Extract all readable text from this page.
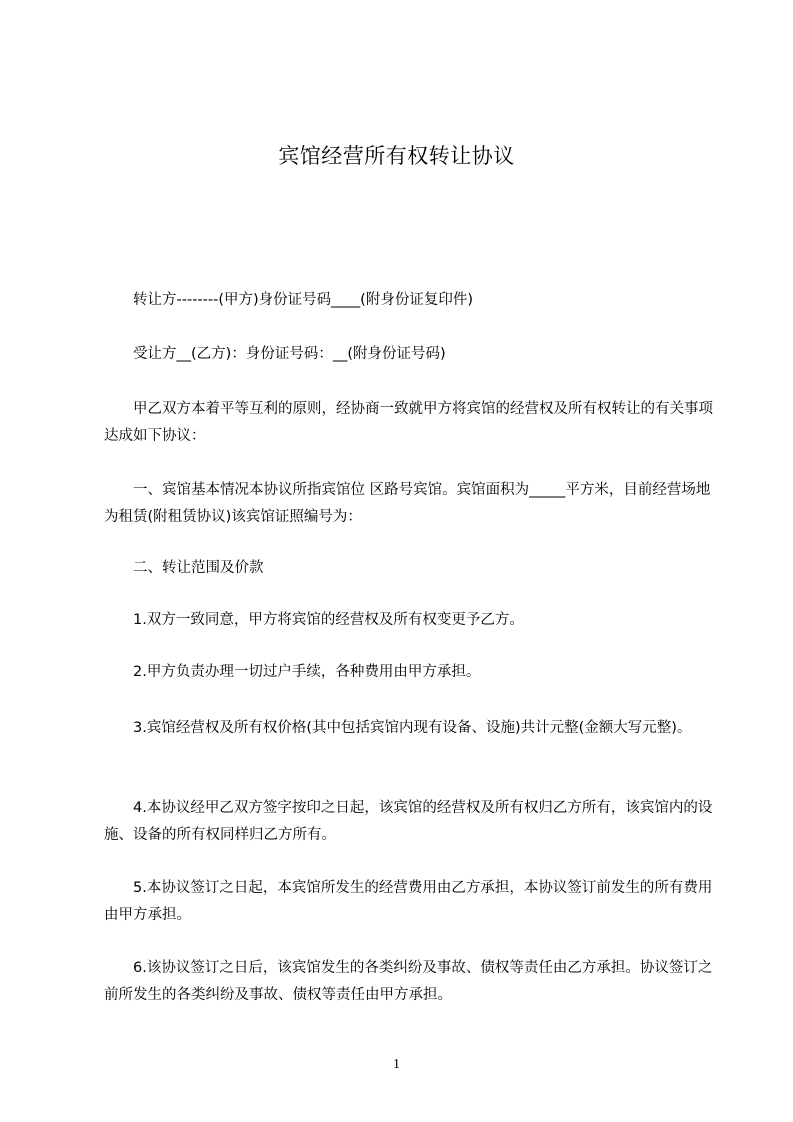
宾馆经营所有权转让协议
　　转让方--------(甲方)身份证号码____(附身份证复印件)
　　受让方__(乙方)：身份证号码：__(附身份证号码)
　　甲乙双方本着平等互利的原则，经协商一致就甲方将宾馆的经营权及所有权转让的有关事项达成如下协议：
　　一、宾馆基本情况本协议所指宾馆位 区路号宾馆。宾馆面积为_____平方米，目前经营场地为租赁(附租赁协议)该宾馆证照编号为：
　　二、转让范围及价款
　　1.双方一致同意，甲方将宾馆的经营权及所有权变更予乙方。
　　2.甲方负责办理一切过户手续，各种费用由甲方承担。
　　3.宾馆经营权及所有权价格(其中包括宾馆内现有设备、设施)共计元整(金额大写元整)。
　　4.本协议经甲乙双方签字按印之日起，该宾馆的经营权及所有权归乙方所有，该宾馆内的设施、设备的所有权同样归乙方所有。
　　5.本协议签订之日起，本宾馆所发生的经营费用由乙方承担，本协议签订前发生的所有费用由甲方承担。
　　6.该协议签订之日后，该宾馆发生的各类纠纷及事故、债权等责任由乙方承担。协议签订之前所发生的各类纠纷及事故、债权等责任由甲方承担。
1
